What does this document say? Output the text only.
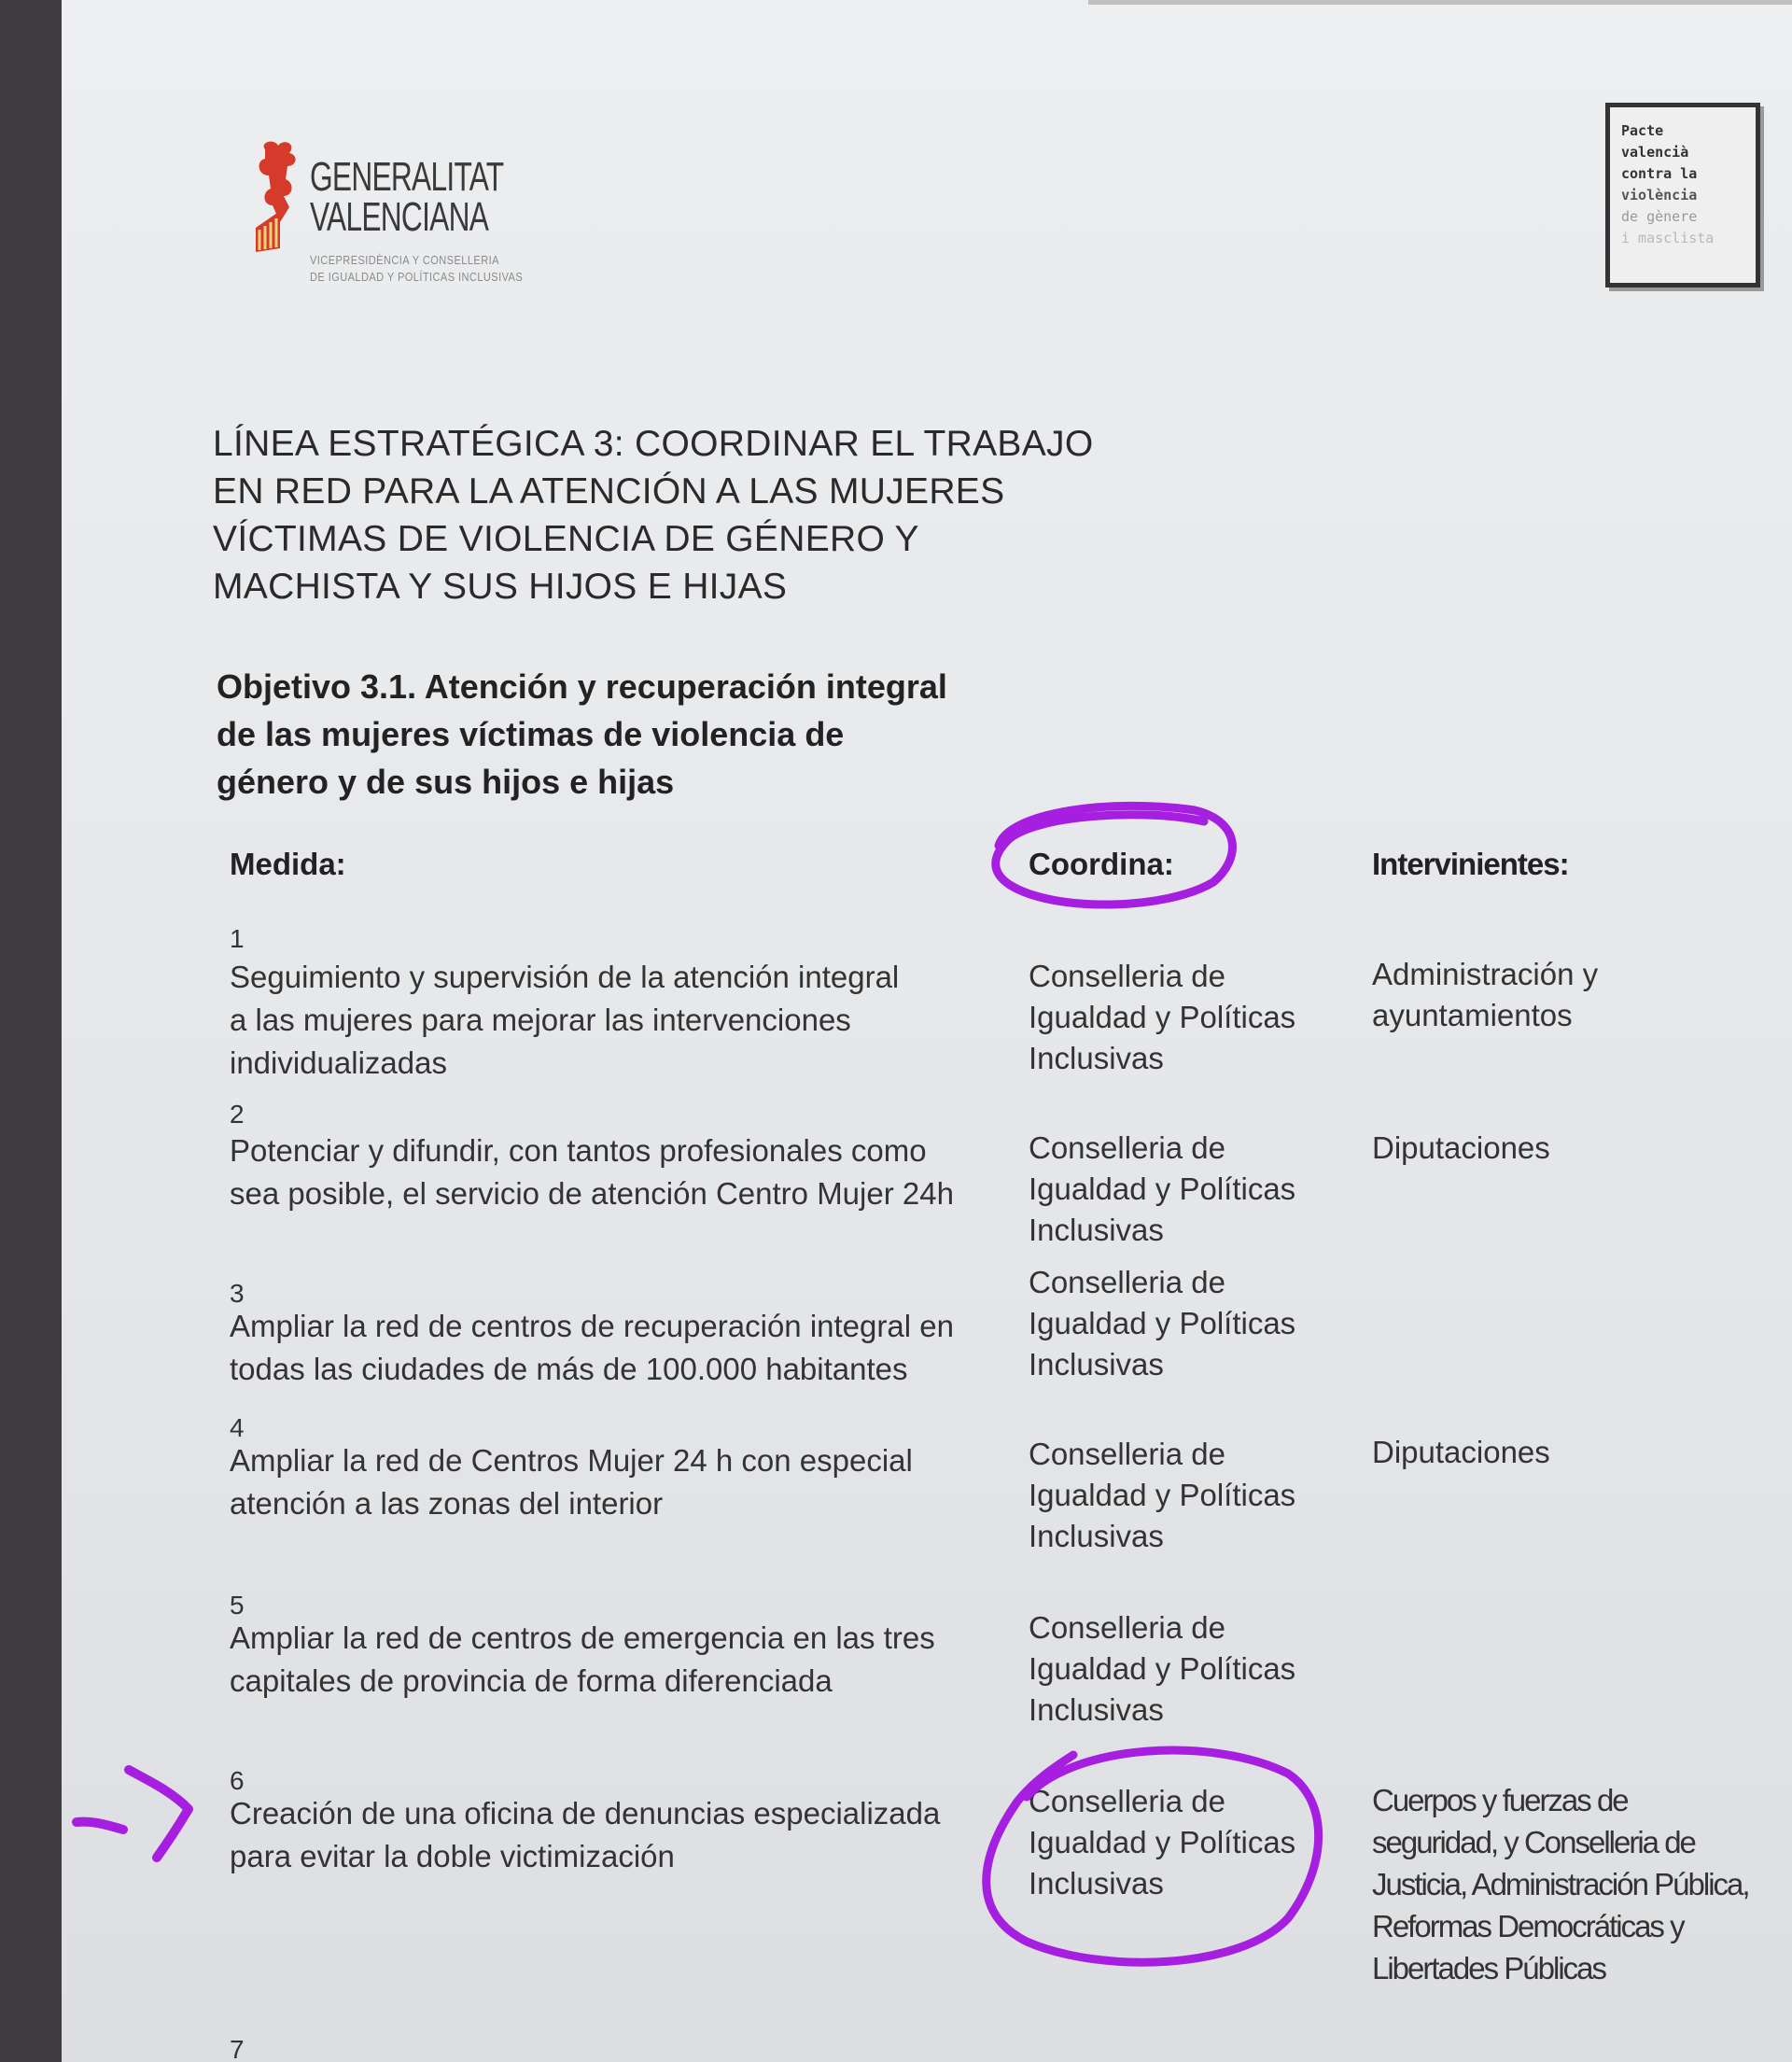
GENERALITAT
VALENCIANA
VICEPRESIDÈNCIA Y CONSELLERIA
DE IGUALDAD Y POLÍTICAS INCLUSIVAS
Pacte
valencià
contra la
violència
de gènere
i masclista
LÍNEA ESTRATÉGICA 3: COORDINAR EL TRABAJO
EN RED PARA LA ATENCIÓN A LAS MUJERES
VÍCTIMAS DE VIOLENCIA DE GÉNERO Y
MACHISTA Y SUS HIJOS E HIJAS
Objetivo 3.1. Atención y recuperación integral
de las mujeres víctimas de violencia de
género y de sus hijos e hijas
Medida:	Coordina:	Intervinientes:
1
Seguimiento y supervisión de la atención integral
a las mujeres para mejorar las intervenciones
individualizadas
Conselleria de
Igualdad y Políticas
Inclusivas
Administración y
ayuntamientos
2
Potenciar y difundir, con tantos profesionales como
sea posible, el servicio de atención Centro Mujer 24h
Conselleria de
Igualdad y Políticas
Inclusivas
Diputaciones
3
Ampliar la red de centros de recuperación integral en
todas las ciudades de más de 100.000 habitantes
Conselleria de
Igualdad y Políticas
Inclusivas
4
Ampliar la red de Centros Mujer 24 h con especial
atención a las zonas del interior
Conselleria de
Igualdad y Políticas
Inclusivas
Diputaciones
5
Ampliar la red de centros de emergencia en las tres
capitales de provincia de forma diferenciada
Conselleria de
Igualdad y Políticas
Inclusivas
6
Creación de una oficina de denuncias especializada
para evitar la doble victimización
Conselleria de
Igualdad y Políticas
Inclusivas
Cuerpos y fuerzas de
seguridad, y Conselleria de
Justicia, Administración Pública,
Reformas Democráticas y
Libertades Públicas
7
